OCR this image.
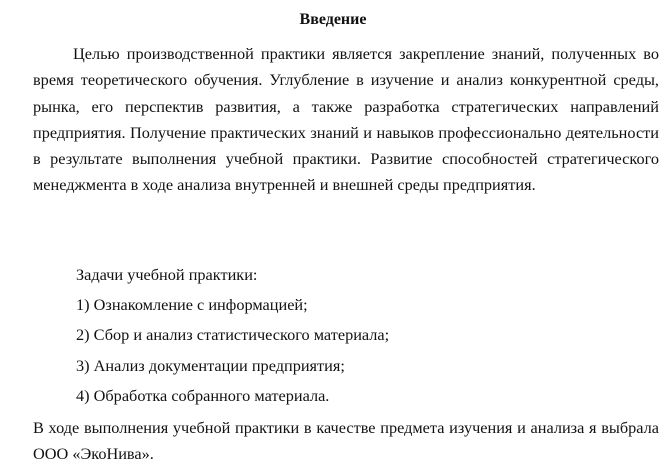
Введение

Целью производственной практики является закрепление знаний, полученных во время теоретического обучения. Углубление в изучение и анализ конкурентной среды, рынка, его перспектив развития, а также разработка стратегических направлений предприятия. Получение практических знаний и навыков профессионально деятельности в результате выполнения учебной практики. Развитие способностей стратегического менеджмента в ходе анализа внутренней и внешней среды предприятия.

Задачи учебной практики:
1) Ознакомление с информацией;
2) Сбор и анализ статистического материала;
3) Анализ документации предприятия;
4) Обработка собранного материала.

В ходе выполнения учебной практики в качестве предмета изучения и анализа я выбрала ООО «ЭкоНива».
